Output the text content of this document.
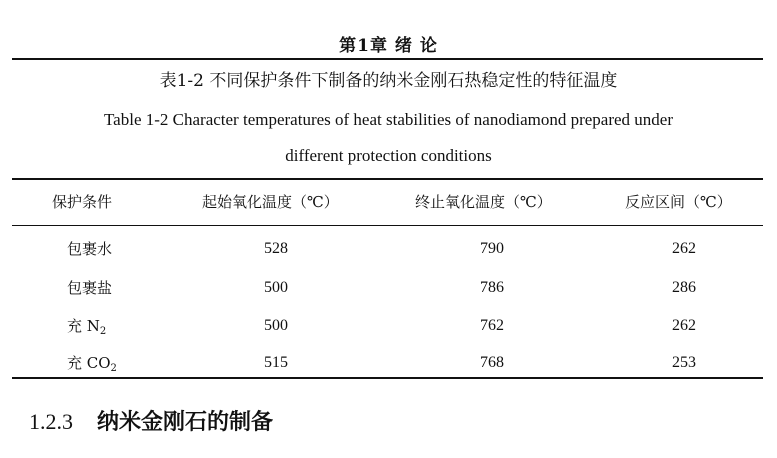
第1章 绪 论
表1-2 不同保护条件下制备的纳米金刚石热稳定性的特征温度
Table 1-2 Character temperatures of heat stabilities of nanodiamond prepared under
different protection conditions
保护条件	起始氧化温度（℃）	终止氧化温度（℃）	反应区间（℃）
包裹水	528	790	262
包裹盐	500	786	286
充 $N_2$	500	762	262
充 $CO_2$	515	768	253
1.2.3 纳米金刚石的制备
